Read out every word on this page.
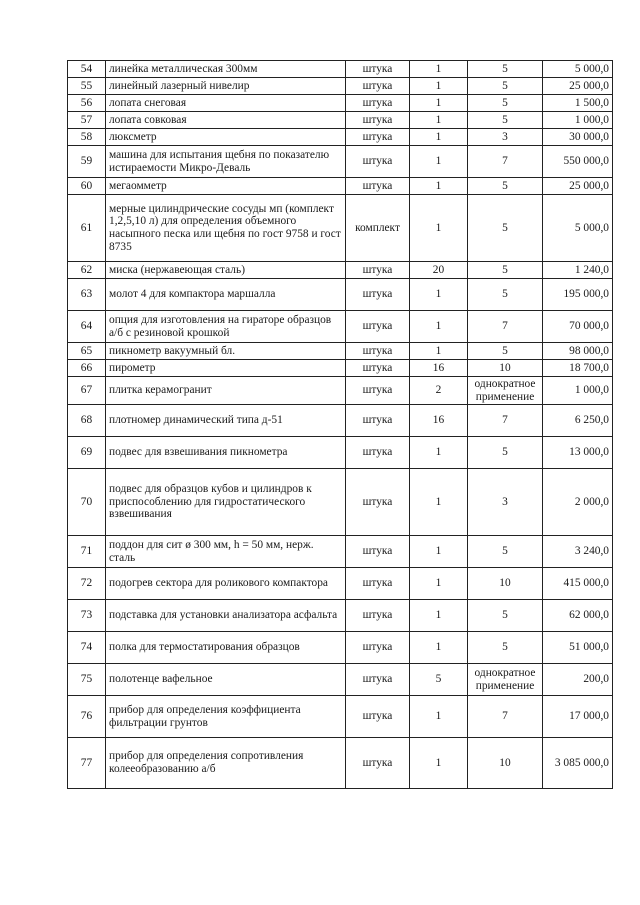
54	линейка металлическая 300мм	штука	1	5	5 000,0
55	линейный лазерный нивелир	штука	1	5	25 000,0
56	лопата снеговая	штука	1	5	1 500,0
57	лопата совковая	штука	1	5	1 000,0
58	люксметр	штука	1	3	30 000,0
59	машина для испытания щебня по показателю истираемости Микро-Деваль	штука	1	7	550 000,0
60	мегаомметр	штука	1	5	25 000,0
61	мерные цилиндрические сосуды мп (комплект 1,2,5,10 л) для определения объемного насыпного песка или щебня по гост 9758 и гост 8735	комплект	1	5	5 000,0
62	миска (нержавеющая сталь)	штука	20	5	1 240,0
63	молот 4 для компактора маршалла	штука	1	5	195 000,0
64	опция для изготовления на гираторе образцов а/б с резиновой крошкой	штука	1	7	70 000,0
65	пикнометр вакуумный бл.	штука	1	5	98 000,0
66	пирометр	штука	16	10	18 700,0
67	плитка керамогранит	штука	2	однократное применение	1 000,0
68	плотномер динамический типа д-51	штука	16	7	6 250,0
69	подвес для взвешивания пикнометра	штука	1	5	13 000,0
70	подвес для образцов кубов и цилиндров к приспособлению для гидростатического взвешивания	штука	1	3	2 000,0
71	поддон для сит ø 300 мм, h = 50 мм, нерж. сталь	штука	1	5	3 240,0
72	подогрев сектора для роликового компактора	штука	1	10	415 000,0
73	подставка для установки анализатора асфальта	штука	1	5	62 000,0
74	полка для термостатирования образцов	штука	1	5	51 000,0
75	полотенце вафельное	штука	5	однократное применение	200,0
76	прибор для определения коэффициента фильтрации грунтов	штука	1	7	17 000,0
77	прибор для определения сопротивления колееобразованию а/б	штука	1	10	3 085 000,0
